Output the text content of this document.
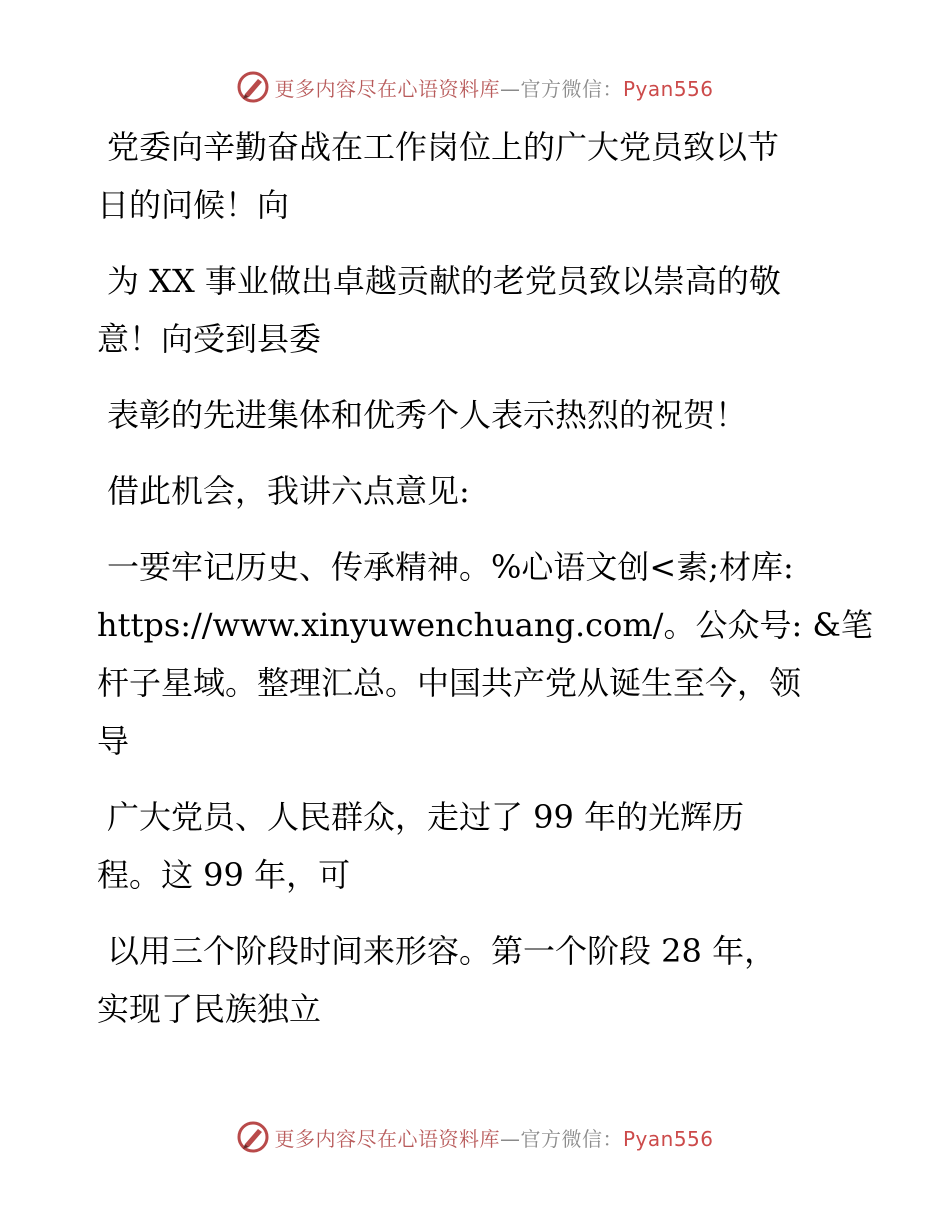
更多内容尽在心语资料库—官方微信：Pyan556
党委向辛勤奋战在工作岗位上的广大党员致以节
日的问候！向
为 XX 事业做出卓越贡献的老党员致以崇高的敬
意！向受到县委
表彰的先进集体和优秀个人表示热烈的祝贺！
借此机会，我讲六点意见:
一要牢记历史、传承精神。%心语文创<素;材库:
https://www.xinyuwenchuang.com/。公众号: &笔
杆子星域。整理汇总。中国共产党从诞生至今，领
导
广大党员、人民群众，走过了 99 年的光辉历
程。这 99 年，可
以用三个阶段时间来形容。第一个阶段 28 年，
实现了民族独立
更多内容尽在心语资料库—官方微信：Pyan556
